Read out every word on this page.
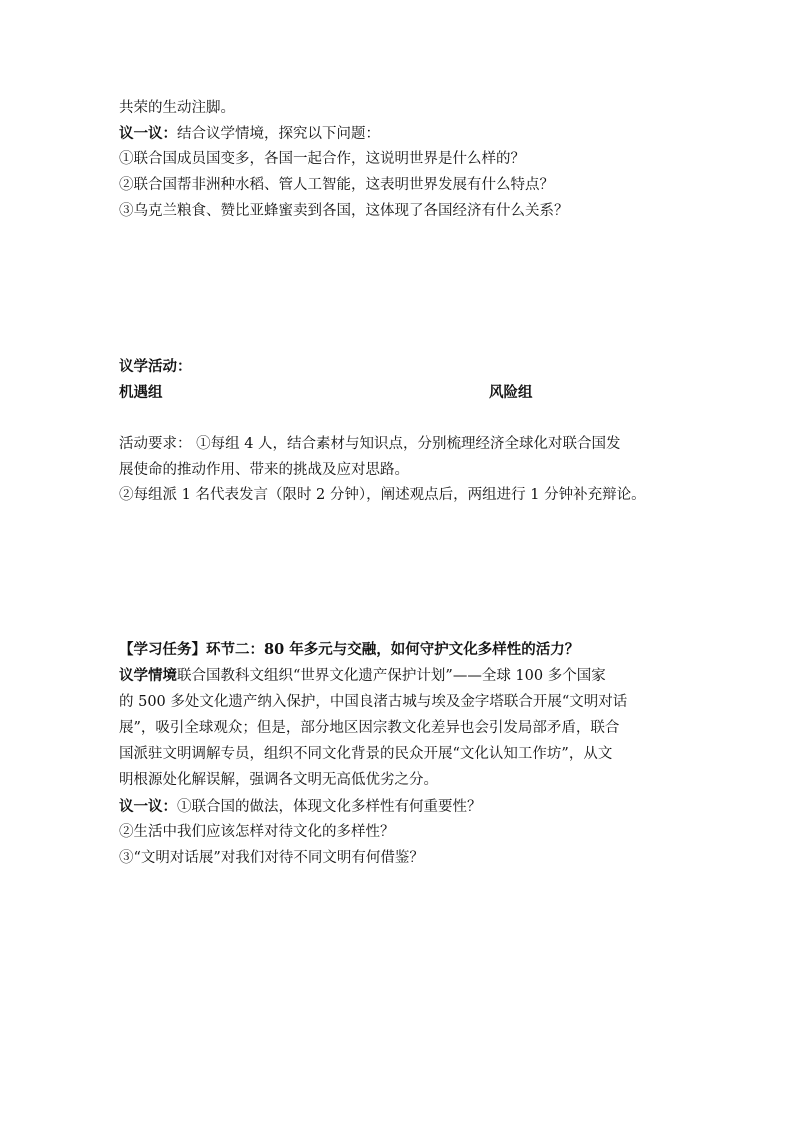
共荣的生动注脚。
议一议：结合议学情境，探究以下问题：
①联合国成员国变多，各国一起合作，这说明世界是什么样的？
②联合国帮非洲种水稻、管人工智能，这表明世界发展有什么特点？
③乌克兰粮食、赞比亚蜂蜜卖到各国，这体现了各国经济有什么关系？
议学活动：
机遇组	风险组
活动要求： ①每组 4 人，结合素材与知识点，分别梳理经济全球化对联合国发
展使命的推动作用、带来的挑战及应对思路。
②每组派 1 名代表发言（限时 2 分钟），阐述观点后，两组进行 1 分钟补充辩论。
【学习任务】环节二：80 年多元与交融，如何守护文化多样性的活力？
议学情境联合国教科文组织“世界文化遗产保护计划”——全球 100 多个国家
的 500 多处文化遗产纳入保护，中国良渚古城与埃及金字塔联合开展“文明对话
展”，吸引全球观众；但是，部分地区因宗教文化差异也会引发局部矛盾，联合
国派驻文明调解专员，组织不同文化背景的民众开展“文化认知工作坊”，从文
明根源处化解误解，强调各文明无高低优劣之分。
议一议：①联合国的做法，体现文化多样性有何重要性？
②生活中我们应该怎样对待文化的多样性？
③“文明对话展”对我们对待不同文明有何借鉴？
